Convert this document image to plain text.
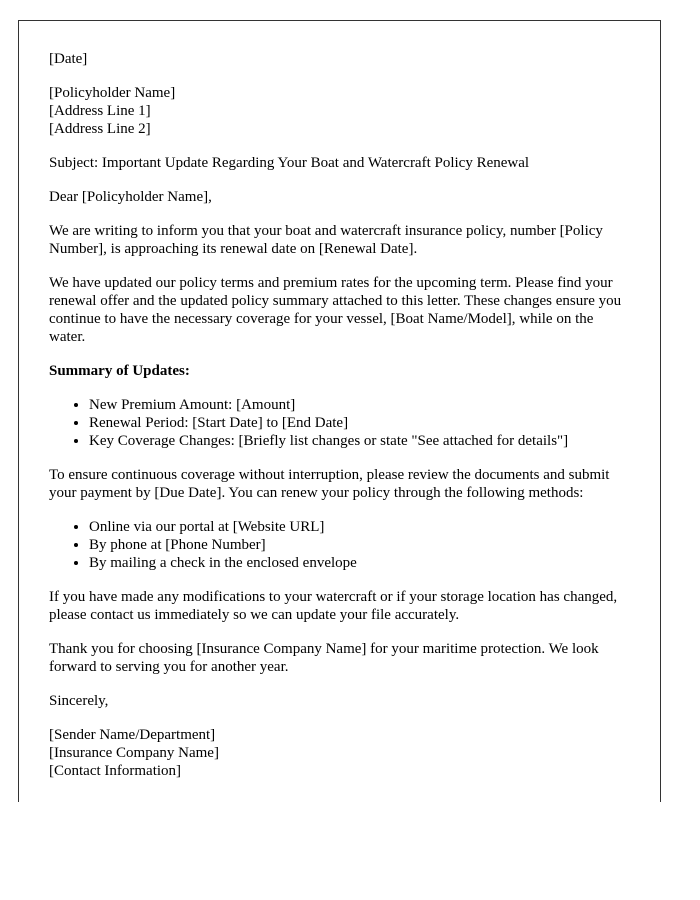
[Date]

[Policyholder Name]
[Address Line 1]
[Address Line 2]

Subject: Important Update Regarding Your Boat and Watercraft Policy Renewal

Dear [Policyholder Name],

We are writing to inform you that your boat and watercraft insurance policy, number [Policy Number], is approaching its renewal date on [Renewal Date].

We have updated our policy terms and premium rates for the upcoming term. Please find your renewal offer and the updated policy summary attached to this letter. These changes ensure you continue to have the necessary coverage for your vessel, [Boat Name/Model], while on the water.

Summary of Updates:

• New Premium Amount: [Amount]
• Renewal Period: [Start Date] to [End Date]
• Key Coverage Changes: [Briefly list changes or state "See attached for details"]

To ensure continuous coverage without interruption, please review the documents and submit your payment by [Due Date]. You can renew your policy through the following methods:

• Online via our portal at [Website URL]
• By phone at [Phone Number]
• By mailing a check in the enclosed envelope

If you have made any modifications to your watercraft or if your storage location has changed, please contact us immediately so we can update your file accurately.

Thank you for choosing [Insurance Company Name] for your maritime protection. We look forward to serving you for another year.

Sincerely,

[Sender Name/Department]
[Insurance Company Name]
[Contact Information]
